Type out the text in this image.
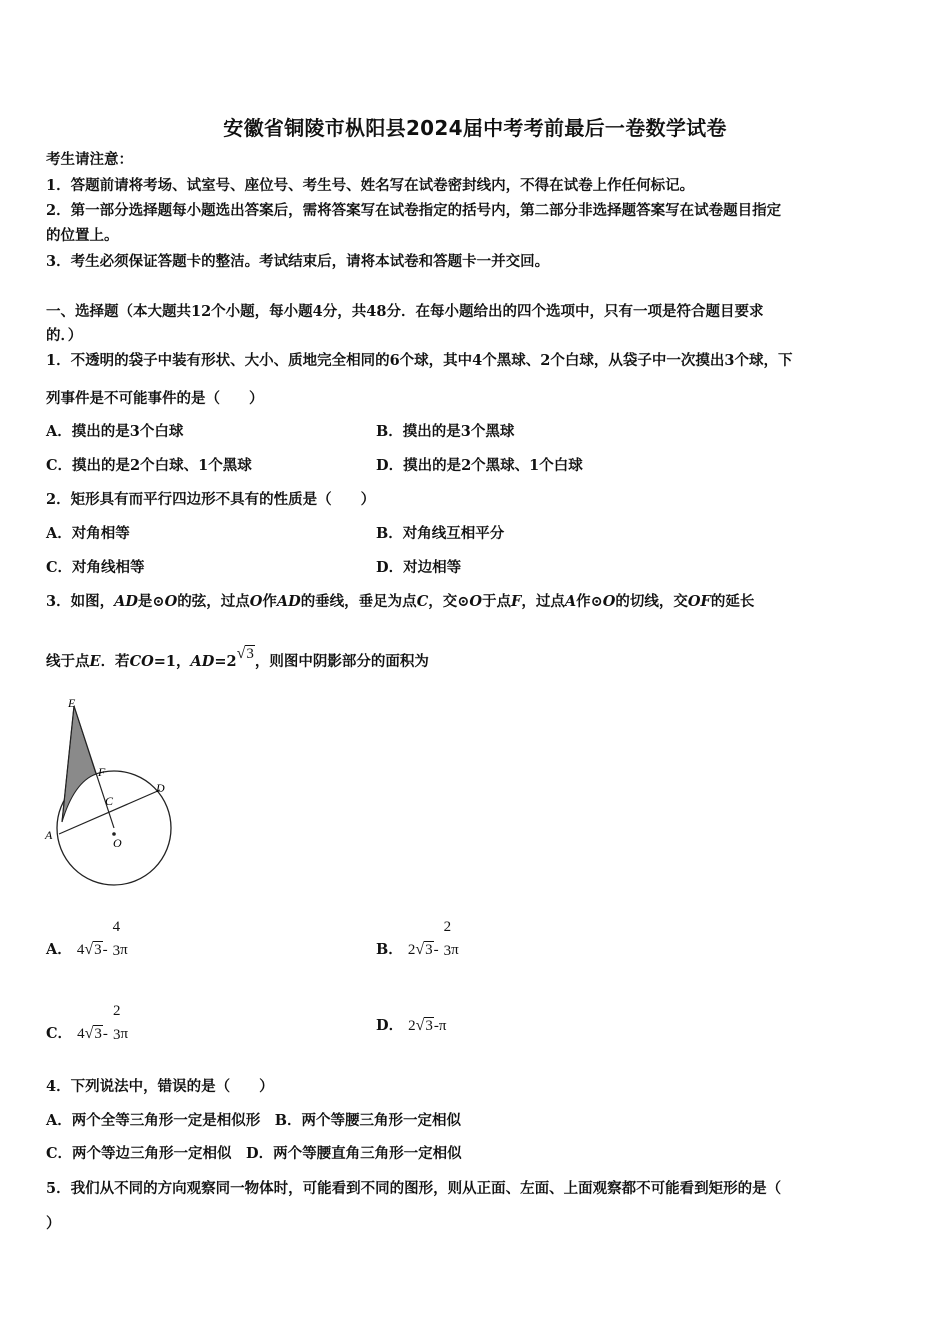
安徽省铜陵市枞阳县2024届中考考前最后一卷数学试卷
考生请注意：
1．答题前请将考场、试室号、座位号、考生号、姓名写在试卷密封线内，不得在试卷上作任何标记。
2．第一部分选择题每小题选出答案后，需将答案写在试卷指定的括号内，第二部分非选择题答案写在试卷题目指定
的位置上。
3．考生必须保证答题卡的整洁。考试结束后，请将本试卷和答题卡一并交回。
一、选择题（本大题共12个小题，每小题4分，共48分．在每小题给出的四个选项中，只有一项是符合题目要求
的．）
1．不透明的袋子中装有形状、大小、质地完全相同的6个球，其中4个黑球、2个白球，从袋子中一次摸出3个球，下
列事件是不可能事件的是（　　）
A．摸出的是3个白球	B．摸出的是3个黑球
C．摸出的是2个白球、1个黑球	D．摸出的是2个黑球、1个白球
2．矩形具有而平行四边形不具有的性质是（　　）
A．对角相等	B．对角线互相平分
C．对角线相等	D．对边相等
3．如图，AD是⊙O的弦，过点O作AD的垂线，垂足为点C，交⊙O于点F，过点A作⊙O的切线，交OF的延长
线于点E．若CO=1，AD=2√3，则图中阴影部分的面积为
E
F
D
C
A
O
A． 4√3-
4
3 π	B． 2√3-
2
3 π
C． 4√3-
2
3 π	D． 2√3-π
4．下列说法中，错误的是（　　）
A．两个全等三角形一定是相似形　B．两个等腰三角形一定相似
C．两个等边三角形一定相似　D．两个等腰直角三角形一定相似
5．我们从不同的方向观察同一物体时，可能看到不同的图形，则从正面、左面、上面观察都不可能看到矩形的是（
）
